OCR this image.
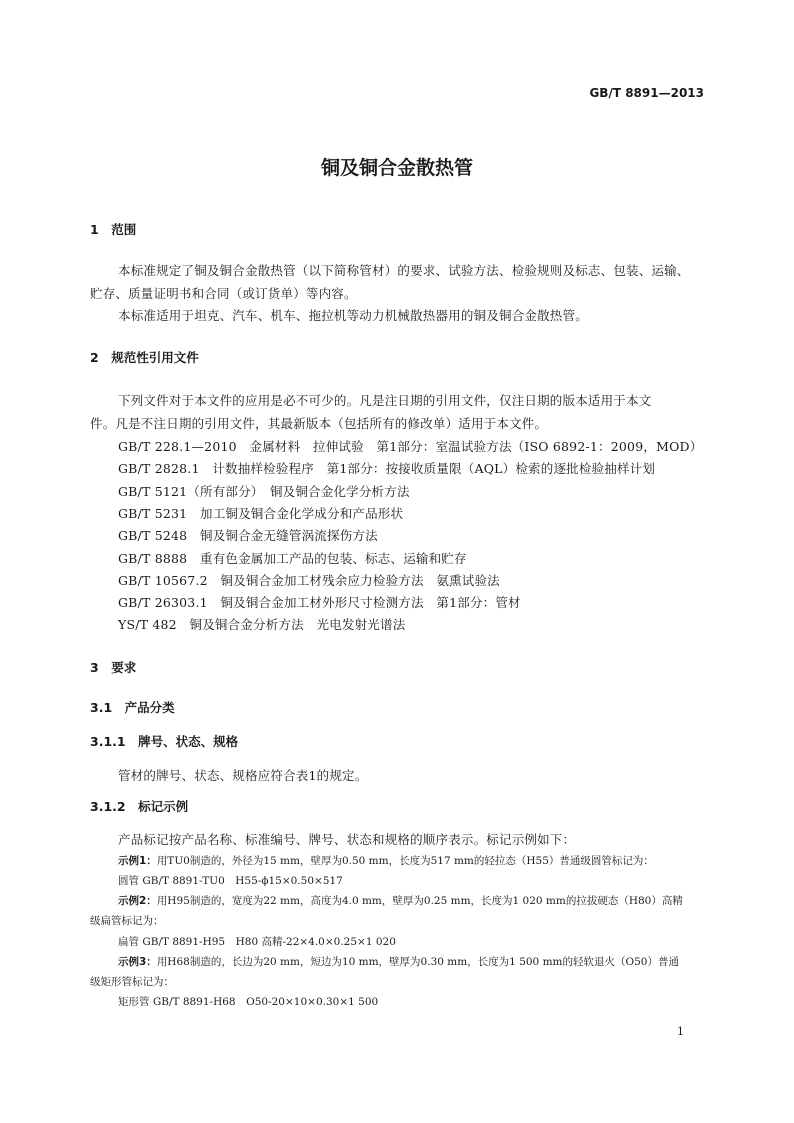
GB/T 8891—2013
铜及铜合金散热管
1　范围
本标准规定了铜及铜合金散热管（以下简称管材）的要求、试验方法、检验规则及标志、包装、运输、
贮存、质量证明书和合同（或订货单）等内容。
本标准适用于坦克、汽车、机车、拖拉机等动力机械散热器用的铜及铜合金散热管。
2　规范性引用文件
下列文件对于本文件的应用是必不可少的。凡是注日期的引用文件，仅注日期的版本适用于本文
件。凡是不注日期的引用文件，其最新版本（包括所有的修改单）适用于本文件。
GB/T 228.1—2010　金属材料　拉伸试验　第1部分：室温试验方法（ISO 6892-1：2009，MOD）
GB/T 2828.1　计数抽样检验程序　第1部分：按接收质量限（AQL）检索的逐批检验抽样计划
GB/T 5121（所有部分）　铜及铜合金化学分析方法
GB/T 5231　加工铜及铜合金化学成分和产品形状
GB/T 5248　铜及铜合金无缝管涡流探伤方法
GB/T 8888　重有色金属加工产品的包装、标志、运输和贮存
GB/T 10567.2　铜及铜合金加工材残余应力检验方法　氨熏试验法
GB/T 26303.1　铜及铜合金加工材外形尺寸检测方法　第1部分：管材
YS/T 482　铜及铜合金分析方法　光电发射光谱法
3　要求
3.1　产品分类
3.1.1　牌号、状态、规格
管材的牌号、状态、规格应符合表1的规定。
3.1.2　标记示例
产品标记按产品名称、标准编号、牌号、状态和规格的顺序表示。标记示例如下：
示例1：用TU0制造的，外径为15 mm，壁厚为0.50 mm，长度为517 mm的轻拉态（H55）普通级圆管标记为：
圆管 GB/T 8891-TU0　H55-ϕ15×0.50×517
示例2：用H95制造的，宽度为22 mm，高度为4.0 mm，壁厚为0.25 mm，长度为1 020 mm的拉拔硬态（H80）高精
级扁管标记为：
扁管 GB/T 8891-H95　H80 高精-22×4.0×0.25×1 020
示例3：用H68制造的，长边为20 mm，短边为10 mm，壁厚为0.30 mm，长度为1 500 mm的轻软退火（O50）普通
级矩形管标记为：
矩形管 GB/T 8891-H68　O50-20×10×0.30×1 500
1
